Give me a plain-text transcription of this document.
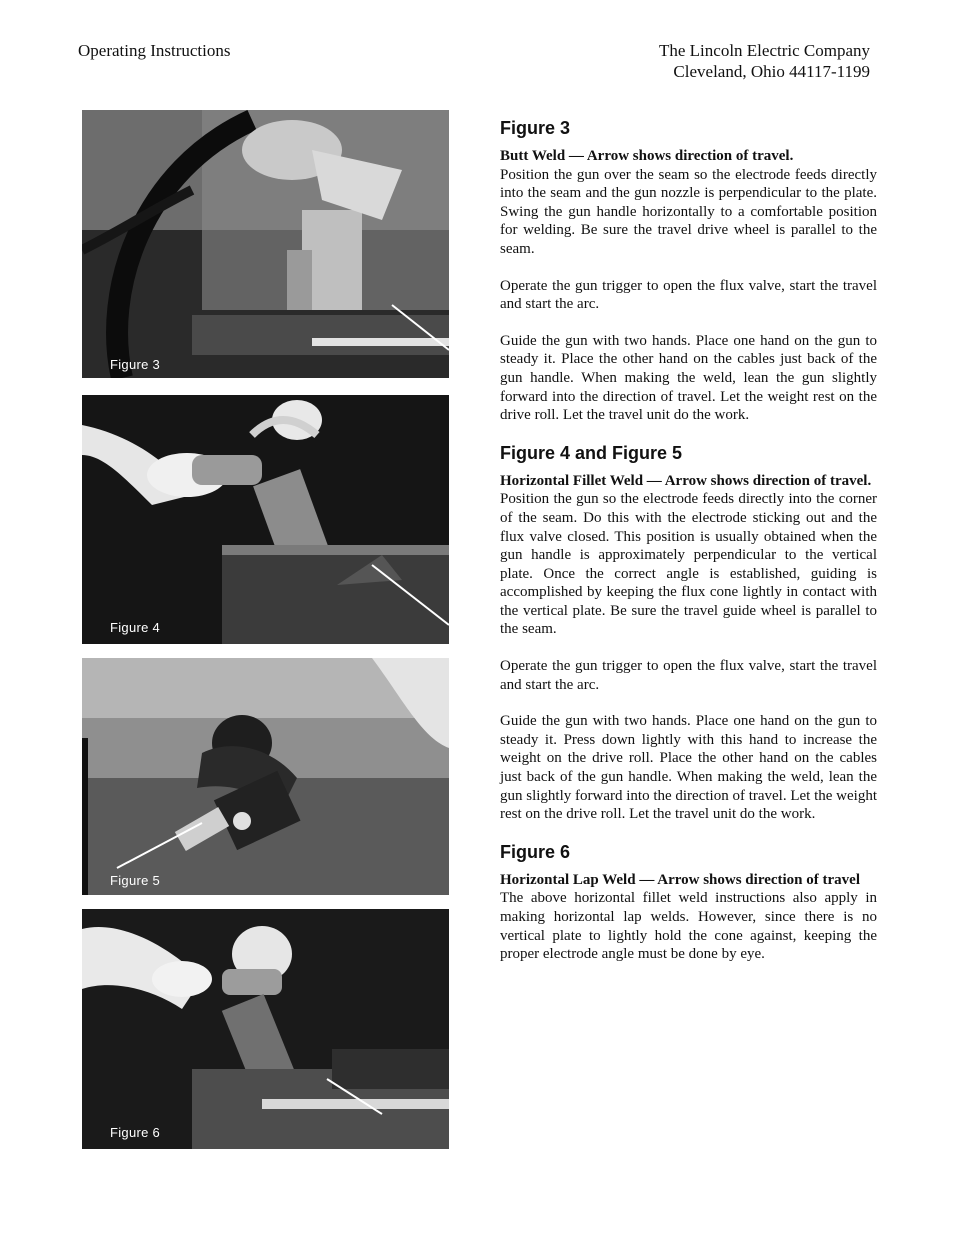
Operating Instructions	The Lincoln Electric Company
Cleveland, Ohio 44117-1199
Figure 3
Figure 4
Figure 5
Figure 6
Figure 3
Butt Weld — Arrow shows direction of travel.

Position the gun over the seam so the electrode feeds directly into the seam and the gun nozzle is perpendicular to the plate. Swing the gun handle horizontally to a comfortable position for welding. Be sure the travel drive wheel is parallel to the seam.

Operate the gun trigger to open the flux valve, start the travel and start the arc.

Guide the gun with two hands. Place one hand on the gun to steady it. Place the other hand on the cables just back of the gun handle. When making the weld, lean the gun slightly forward into the direction of travel. Let the weight rest on the drive roll. Let the travel unit do the work.

Figure 4 and Figure 5
Horizontal Fillet Weld — Arrow shows direction of travel.

Position the gun so the electrode feeds directly into the corner of the seam. Do this with the electrode sticking out and the flux valve closed. This position is usually obtained when the gun handle is approximately perpendicular to the vertical plate. Once the correct angle is established, guiding is accomplished by keeping the flux cone lightly in contact with the vertical plate. Be sure the travel guide wheel is parallel to the seam.

Operate the gun trigger to open the flux valve, start the travel and start the arc.

Guide the gun with two hands. Place one hand on the gun to steady it. Press down lightly with this hand to increase the weight on the drive roll. Place the other hand on the cables just back of the gun handle. When making the weld, lean the gun slightly forward into the direction of travel. Let the weight rest on the drive roll. Let the travel unit do the work.

Figure 6
Horizontal Lap Weld — Arrow shows direction of travel

The above horizontal fillet weld instructions also apply in making horizontal lap welds. However, since there is no vertical plate to lightly hold the cone against, keeping the proper electrode angle must be done by eye.
